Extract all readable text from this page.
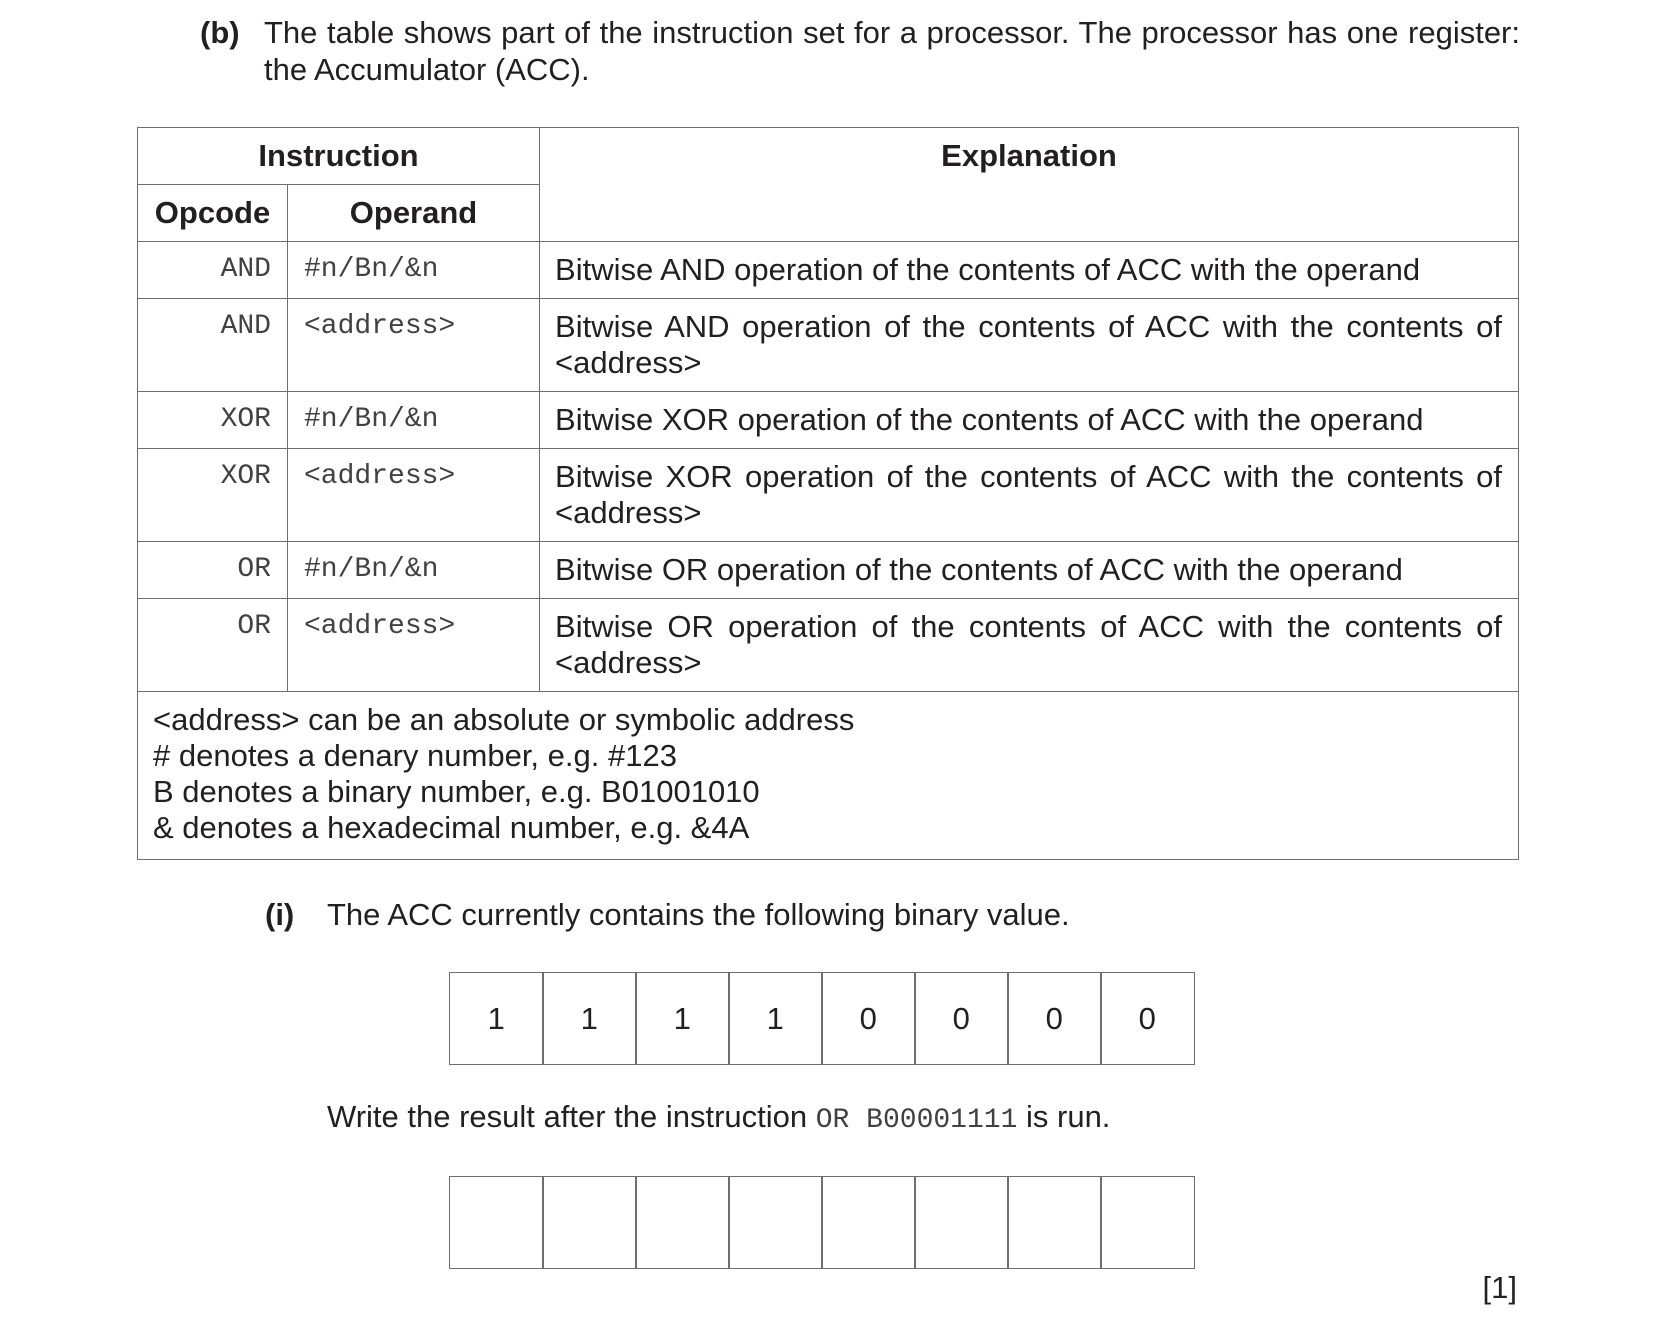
(b) The table shows part of the instruction set for a processor. The processor has one register: the Accumulator (ACC).
Instruction		Explanation
Opcode	Operand	
AND	#n/Bn/&n	Bitwise AND operation of the contents of ACC with the operand
AND	<address>	Bitwise AND operation of the contents of ACC with the contents of <address>
XOR	#n/Bn/&n	Bitwise XOR operation of the contents of ACC with the operand
XOR	<address>	Bitwise XOR operation of the contents of ACC with the contents of <address>
OR	#n/Bn/&n	Bitwise OR operation of the contents of ACC with the operand
OR	<address>	Bitwise OR operation of the contents of ACC with the contents of <address>

<address> can be an absolute or symbolic address
# denotes a denary number, e.g. #123
B denotes a binary number, e.g. B01001010
& denotes a hexadecimal number, e.g. &4A		
(i) The ACC currently contains the following binary value.
1	1	1	1	0	0	0	0
Write the result after the instruction OR B00001111 is run.
[1]
